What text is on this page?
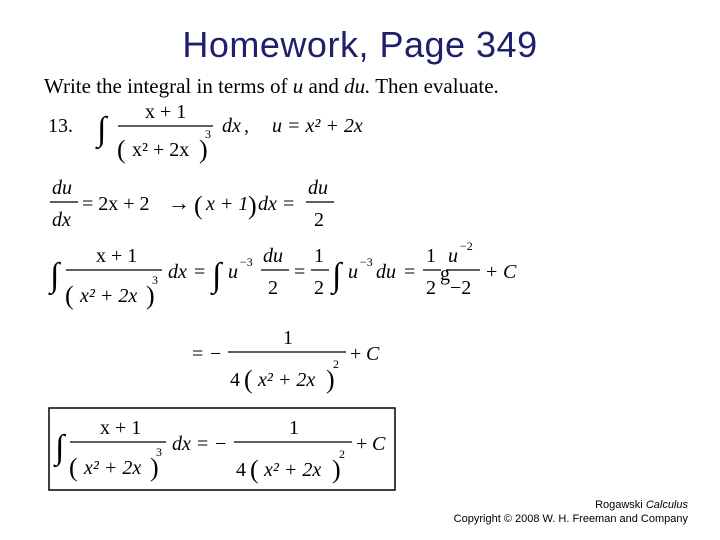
Homework, Page 349
Write the integral in terms of u and du. Then evaluate.
13. ∫ x + 1
( x² + 2x )
3 dx , u = x² + 2x
du
dx
= 2x + 2 → ( x + 1 ) dx =
du
2
∫
x + 1
( x² + 2x )
3 dx = ∫ u −3 du
2
=
1
2 ∫ u −3 du =
1
2
g
u −2
−2
+ C
= −
1
4 ( x² + 2x )
2 + C
∫
x + 1
( x² + 2x )
3 dx = −
1
4 ( x² + 2x )
2 + C
Rogawski Calculus
Copyright © 2008 W. H. Freeman and Company
